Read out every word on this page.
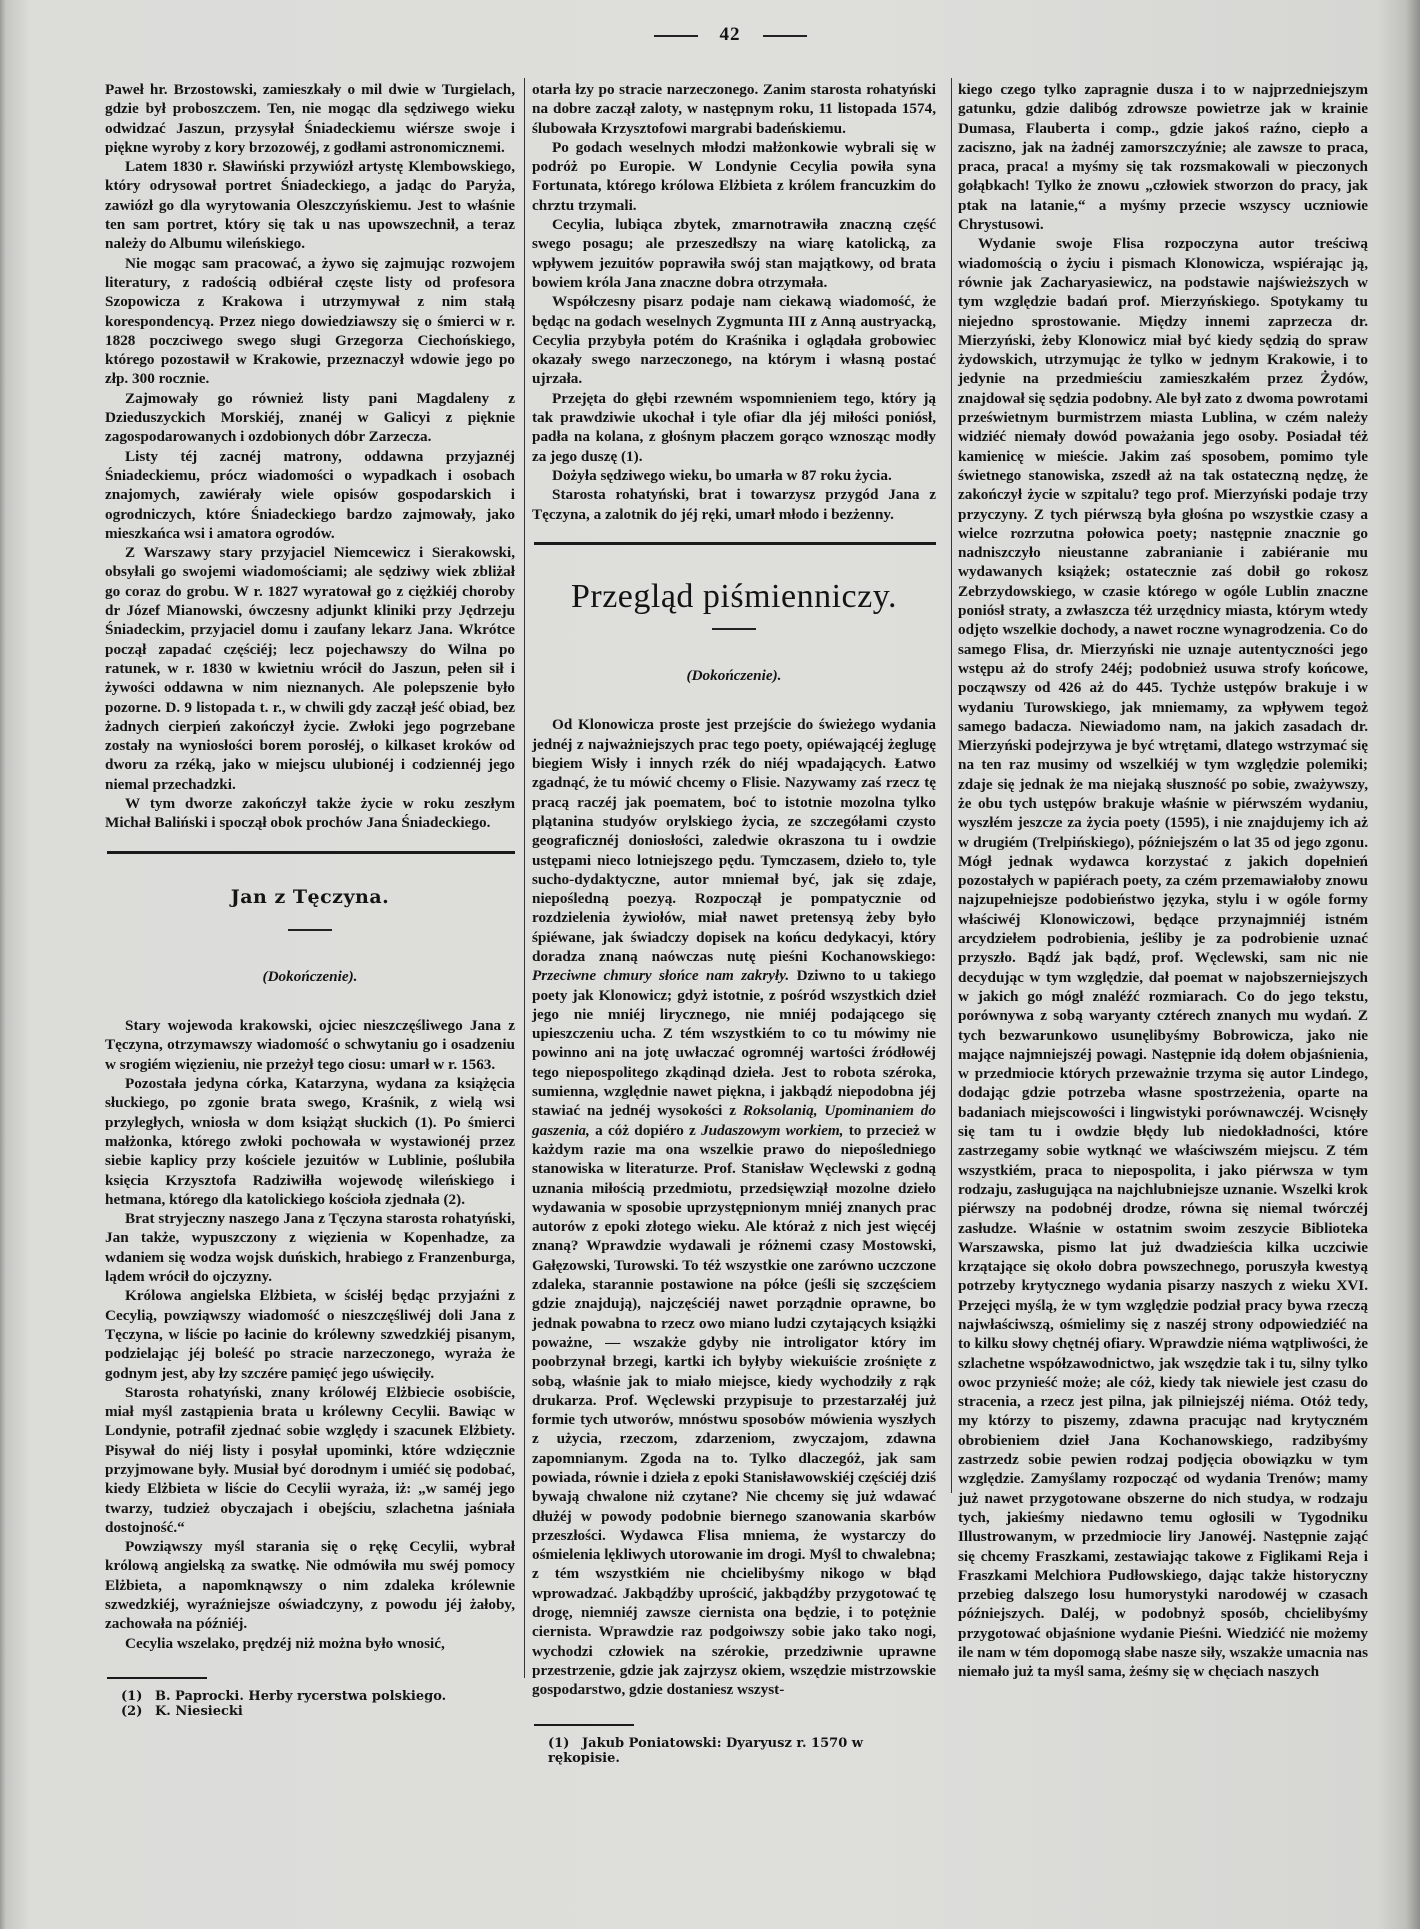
42

Paweł hr. Brzostowski, zamieszkały o mil dwie w Turgielach, gdzie był proboszczem. Ten, nie mogąc dla sędziwego wieku odwidzać Jaszun, przysyłał Śniadeckiemu wiérsze swoje i piękne wyroby z kory brzozowéj, z godłami astronomicznemi.

Latem 1830 r. Sławiński przywiózł artystę Klembowskiego, który odrysował portret Śniadeckiego, a jadąc do Paryża, zawiózł go dla wyrytowania Oleszczyńskiemu. Jest to właśnie ten sam portret, który się tak u nas upowszechnił, a teraz należy do Albumu wileńskiego.

Nie mogąc sam pracować, a żywo się zajmując rozwojem literatury, z radością odbiérał częste listy od profesora Szopowicza z Krakowa i utrzymywał z nim stałą korespondencyą. Przez niego dowiedziawszy się o śmierci w r. 1828 poczciwego swego sługi Grzegorza Ciechońskiego, którego pozostawił w Krakowie, przeznaczył wdowie jego po złp. 300 rocznie.

Zajmowały go również listy pani Magdaleny z Dzieduszyckich Morskiéj, znanéj w Galicyi z pięknie zagospodarowanych i ozdobionych dóbr Zarzecza.

Listy téj zacnéj matrony, oddawna przyjaznéj Śniadeckiemu, prócz wiadomości o wypadkach i osobach znajomych, zawiérały wiele opisów gospodarskich i ogrodniczych, które Śniadeckiego bardzo zajmowały, jako mieszkańca wsi i amatora ogrodów.

Z Warszawy stary przyjaciel Niemcewicz i Sierakowski, obsyłali go swojemi wiadomościami; ale sędziwy wiek zbliżał go coraz do grobu. W r. 1827 wyratował go z ciężkiéj choroby dr Józef Mianowski, ówczesny adjunkt kliniki przy Jędrzeju Śniadeckim, przyjaciel domu i zaufany lekarz Jana. Wkrótce począł zapadać częściéj; lecz pojechawszy do Wilna po ratunek, w r. 1830 w kwietniu wrócił do Jaszun, pełen sił i żywości oddawna w nim nieznanych. Ale polepszenie było pozorne. D. 9 listopada t. r., w chwili gdy zaczął jeść obiad, bez żadnych cierpień zakończył życie. Zwłoki jego pogrzebane zostały na wyniosłości borem porosłéj, o kilkaset kroków od dworu za rzéką, jako w miejscu ulubionéj i codziennéj jego niemal przechadzki.

W tym dworze zakończył także życie w roku zeszłym Michał Baliński i spoczął obok prochów Jana Śniadeckiego.

Jan z Tęczyna.
(Dokończenie).

Stary wojewoda krakowski, ojciec nieszczęśliwego Jana z Tęczyna, otrzymawszy wiadomość o schwytaniu go i osadzeniu w srogiém więzieniu, nie przeżył tego ciosu: umarł w r. 1563.

Pozostała jedyna córka, Katarzyna, wydana za książęcia słuckiego, po zgonie brata swego, Kraśnik, z wielą wsi przyległych, wniosła w dom książąt słuckich (1). Po śmierci małżonka, którego zwłoki pochowała w wystawionéj przez siebie kaplicy przy kościele jezuitów w Lublinie, poślubiła księcia Krzysztofa Radziwiłła wojewodę wileńskiego i hetmana, którego dla katolickiego kościoła zjednała (2).

Brat stryjeczny naszego Jana z Tęczyna starosta rohatyński, Jan także, wypuszczony z więzienia w Kopenhadze, za wdaniem się wodza wojsk duńskich, hrabiego z Franzenburga, lądem wrócił do ojczyzny.

Królowa angielska Elżbieta, w ścisłéj będąc przyjaźni z Cecylią, powziąwszy wiadomość o nieszczęśliwéj doli Jana z Tęczyna, w liście po łacinie do królewny szwedzkiéj pisanym, podzielając jéj boleść po stracie narzeczonego, wyraża że godnym jest, aby łzy szczére pamięć jego uświęciły.

Starosta rohatyński, znany królowéj Elżbiecie osobiście, miał myśl zastąpienia brata u królewny Cecylii. Bawiąc w Londynie, potrafił zjednać sobie względy i szacunek Elżbiety. Pisywał do niéj listy i posyłał upominki, które wdzięcznie przyjmowane były. Musiał być dorodnym i umiéć się podobać, kiedy Elżbieta w liście do Cecylii wyraża, iż: „w saméj jego twarzy, tudzież obyczajach i obejściu, szlachetna jaśniała dostojność.“

Powziąwszy myśl starania się o rękę Cecylii, wybrał królową angielską za swatkę. Nie odmówiła mu swéj pomocy Elżbieta, a napomknąwszy o nim zdaleka królewnie szwedzkiéj, wyraźniejsze oświadczyny, z powodu jéj żałoby, zachowała na późniéj.

Cecylia wszelako, prędzéj niż można było wnosić,

(1) B. Paprocki. Herby rycerstwa polskiego.
(2) K. Niesiecki

otarła łzy po stracie narzeczonego. Zanim starosta rohatyński na dobre zaczął zaloty, w następnym roku, 11 listopada 1574, ślubowała Krzysztofowi margrabi badeńskiemu.

Po godach weselnych młodzi małżonkowie wybrali się w podróż po Europie. W Londynie Cecylia powiła syna Fortunata, którego królowa Elżbieta z królem francuzkim do chrztu trzymali.

Cecylia, lubiąca zbytek, zmarnotrawiła znaczną część swego posagu; ale przeszedłszy na wiarę katolicką, za wpływem jezuitów poprawiła swój stan majątkowy, od brata bowiem króla Jana znaczne dobra otrzymała.

Współczesny pisarz podaje nam ciekawą wiadomość, że będąc na godach weselnych Zygmunta III z Anną austryacką, Cecylia przybyła potém do Kraśnika i oglądała grobowiec okazały swego narzeczonego, na którym i własną postać ujrzała.

Przejęta do głębi rzewném wspomnieniem tego, który ją tak prawdziwie ukochał i tyle ofiar dla jéj miłości poniósł, padła na kolana, z głośnym płaczem gorąco wznosząc modły za jego duszę (1).

Dożyła sędziwego wieku, bo umarła w 87 roku życia.

Starosta rohatyński, brat i towarzysz przygód Jana z Tęczyna, a zalotnik do jéj ręki, umarł młodo i bezżenny.

Przegląd piśmienniczy.
(Dokończenie).

Od Klonowicza proste jest przejście do świeżego wydania jednéj z najważniejszych prac tego poety, opiéwającéj żeglugę biegiem Wisły i innych rzék do niéj wpadających. Łatwo zgadnąć, że tu mówić chcemy o Flisie. Nazywamy zaś rzecz tę pracą raczéj jak poematem, boć to istotnie mozolna tylko plątanina studyów orylskiego życia, ze szczegółami czysto geograficznéj doniosłości, zaledwie okraszona tu i owdzie ustępami nieco lotniejszego pędu. Tymczasem, dzieło to, tyle sucho-dydaktyczne, autor mniemał być, jak się zdaje, niepośledną poezyą. Rozpoczął je pompatycznie od rozdzielenia żywiołów, miał nawet pretensyą żeby było śpiéwane, jak świadczy dopisek na końcu dedykacyi, który doradza znaną naówczas nutę pieśni Kochanowskiego: Przeciwne chmury słońce nam zakryły. Dziwno to u takiego poety jak Klonowicz; gdyż istotnie, z pośród wszystkich dzieł jego nie mniéj lirycznego, nie mniéj podającego się upieszczeniu ucha. Z tém wszystkiém to co tu mówimy nie powinno ani na jotę uwłaczać ogromnéj wartości źródłowéj tego niepospolitego zkądinąd dzieła. Jest to robota széroka, sumienna, względnie nawet piękna, i jakbądź niepodobna jéj stawiać na jednéj wysokości z Roksolanią, Upominaniem do gaszenia, a cóż dopiéro z Judaszowym workiem, to przecież w każdym razie ma ona wszelkie prawo do niepośledniego stanowiska w literaturze. Prof. Stanisław Węclewski z godną uznania miłością przedmiotu, przedsięwziął mozolne dzieło wydawania w sposobie uprzystępnionym mniéj znanych prac autorów z epoki złotego wieku. Ale któraż z nich jest więcéj znaną? Wprawdzie wydawali je różnemi czasy Mostowski, Gałęzowski, Turowski. To téż wszystkie one zarówno uczczone zdaleka, starannie postawione na półce (jeśli się szczęściem gdzie znajdują), najczęściéj nawet porządnie oprawne, bo jednak powabna to rzecz owo miano ludzi czytających książki poważne, — wszakże gdyby nie introligator który im poobrzynał brzegi, kartki ich byłyby wiekuiście zrośnięte z sobą, właśnie jak to miało miejsce, kiedy wychodziły z rąk drukarza. Prof. Węclewski przypisuje to przestarzałéj już formie tych utworów, mnóstwu sposobów mówienia wyszłych z użycia, rzeczom, zdarzeniom, zwyczajom, zdawna zapomnianym. Zgoda na to. Tylko dlaczegóż, jak sam powiada, równie i dzieła z epoki Stanisławowskiéj częściéj dziś bywają chwalone niż czytane? Nie chcemy się już wdawać dłużéj w powody podobnie biernego szanowania skarbów przeszłości. Wydawca Flisa mniema, że wystarczy do ośmielenia lękliwych utorowanie im drogi. Myśl to chwalebna; z tém wszystkiém nie chcielibyśmy nikogo w błąd wprowadzać. Jakbądźby uprościć, jakbądźby przygotować tę drogę, niemniéj zawsze ciernista ona będzie, i to potężnie ciernista. Wprawdzie raz podgoiwszy sobie jako tako nogi, wychodzi człowiek na szérokie, przedziwnie uprawne przestrzenie, gdzie jak zajrzysz okiem, wszędzie mistrzowskie gospodarstwo, gdzie dostaniesz wszyst-

(1) Jakub Poniatowski: Dyaryusz r. 1570 w rękopisie.

kiego czego tylko zapragnie dusza i to w najprzedniejszym gatunku, gdzie dalibóg zdrowsze powietrze jak w krainie Dumasa, Flauberta i comp., gdzie jakoś raźno, ciepło a zaciszno, jak na żadnéj zamorszczyźnie; ale zawsze to praca, praca, praca! a myśmy się tak rozsmakowali w pieczonych gołąbkach! Tylko że znowu „człowiek stworzon do pracy, jak ptak na latanie,“ a myśmy przecie wszyscy uczniowie Chrystusowi.

Wydanie swoje Flisa rozpoczyna autor treściwą wiadomością o życiu i pismach Klonowicza, wspiérając ją, równie jak Zacharyasiewicz, na podstawie najświeższych w tym względzie badań prof. Mierzyńskiego. Spotykamy tu niejedno sprostowanie. Między innemi zaprzecza dr. Mierzyński, żeby Klonowicz miał być kiedy sędzią do spraw żydowskich, utrzymując że tylko w jednym Krakowie, i to jedynie na przedmieściu zamieszkałém przez Żydów, znajdował się sędzia podobny. Ale był zato z dwoma powrotami prześwietnym burmistrzem miasta Lublina, w czém należy widziéć niemały dowód poważania jego osoby. Posiadał téż kamienicę w mieście. Jakim zaś sposobem, pomimo tyle świetnego stanowiska, zszedł aż na tak ostateczną nędzę, że zakończył życie w szpitalu? tego prof. Mierzyński podaje trzy przyczyny. Z tych piérwszą była głośna po wszystkie czasy a wielce rozrzutna połowica poety; następnie znacznie go nadniszczyło nieustanne zabranianie i zabiéranie mu wydawanych książek; ostatecznie zaś dobił go rokosz Zebrzydowskiego, w czasie którego w ogóle Lublin znaczne poniósł straty, a zwłaszcza téż urzędnicy miasta, którym wtedy odjęto wszelkie dochody, a nawet roczne wynagrodzenia. Co do samego Flisa, dr. Mierzyński nie uznaje autentyczności jego wstępu aż do strofy 24éj; podobnież usuwa strofy końcowe, począwszy od 426 aż do 445. Tychże ustępów brakuje i w wydaniu Turowskiego, jak mniemamy, za wpływem tegoż samego badacza. Niewiadomo nam, na jakich zasadach dr. Mierzyński podejrzywa je być wtrętami, dlatego wstrzymać się na ten raz musimy od wszelkiéj w tym względzie polemiki; zdaje się jednak że ma niejaką słuszność po sobie, zważywszy, że obu tych ustępów brakuje właśnie w piérwszém wydaniu, wyszłém jeszcze za życia poety (1595), i nie znajdujemy ich aż w drugiém (Trelpińskiego), późniejszém o lat 35 od jego zgonu. Mógł jednak wydawca korzystać z jakich dopełnień pozostałych w papiérach poety, za czém przemawiałoby znowu najzupełniejsze podobieństwo języka, stylu i w ogóle formy właściwéj Klonowiczowi, będące przynajmniéj istném arcydziełem podrobienia, jeśliby je za podrobienie uznać przyszło. Bądź jak bądź, prof. Węclewski, sam nic nie decydując w tym względzie, dał poemat w najobszerniejszych w jakich go mógł znaléźć rozmiarach. Co do jego tekstu, porównywa z sobą waryanty cztérech znanych mu wydań. Z tych bezwarunkowo usunęlibyśmy Bobrowicza, jako nie mające najmniejszéj powagi. Następnie idą dołem objaśnienia, w przedmiocie których przeważnie trzyma się autor Lindego, dodając gdzie potrzeba własne spostrzeżenia, oparte na badaniach miejscowości i lingwistyki porównawczéj. Wcisnęły się tam tu i owdzie błędy lub niedokładności, które zastrzegamy sobie wytknąć we właściwszém miejscu. Z tém wszystkiém, praca to niepospolita, i jako piérwsza w tym rodzaju, zasługująca na najchlubniejsze uznanie. Wszelki krok piérwszy na podobnéj drodze, równa się niemal twórczéj zasłudze. Właśnie w ostatnim swoim zeszycie Biblioteka Warszawska, pismo lat już dwadzieścia kilka uczciwie krzątające się około dobra powszechnego, poruszyła kwestyą potrzeby krytycznego wydania pisarzy naszych z wieku XVI. Przejęci myślą, że w tym względzie podział pracy bywa rzeczą najwłaściwszą, ośmielimy się z naszéj strony odpowiedziéć na to kilku słowy chętnéj ofiary. Wprawdzie niéma wątpliwości, że szlachetne współzawodnictwo, jak wszędzie tak i tu, silny tylko owoc przynieść może; ale cóż, kiedy tak niewiele jest czasu do stracenia, a rzecz jest pilna, jak pilniejszéj niéma. Otóż tedy, my którzy to piszemy, zdawna pracując nad krytyczném obrobieniem dzieł Jana Kochanowskiego, radzibyśmy zastrzedz sobie pewien rodzaj podjęcia obowiązku w tym względzie. Zamyślamy rozpocząć od wydania Trenów; mamy już nawet przygotowane obszerne do nich studya, w rodzaju tych, jakieśmy niedawno temu ogłosili w Tygodniku Illustrowanym, w przedmiocie liry Janowéj. Następnie zająć się chcemy Fraszkami, zestawiając takowe z Figlikami Reja i Fraszkami Melchiora Pudłowskiego, dając także historyczny przebieg dalszego losu humorystyki narodowéj w czasach późniejszych. Daléj, w podobnyż sposób, chcielibyśmy przygotować objaśnione wydanie Pieśni. Wiedzićć nie możemy ile nam w tém dopomogą słabe nasze siły, wszakże umacnia nas niemało już ta myśl sama, żeśmy się w chęciach naszych
